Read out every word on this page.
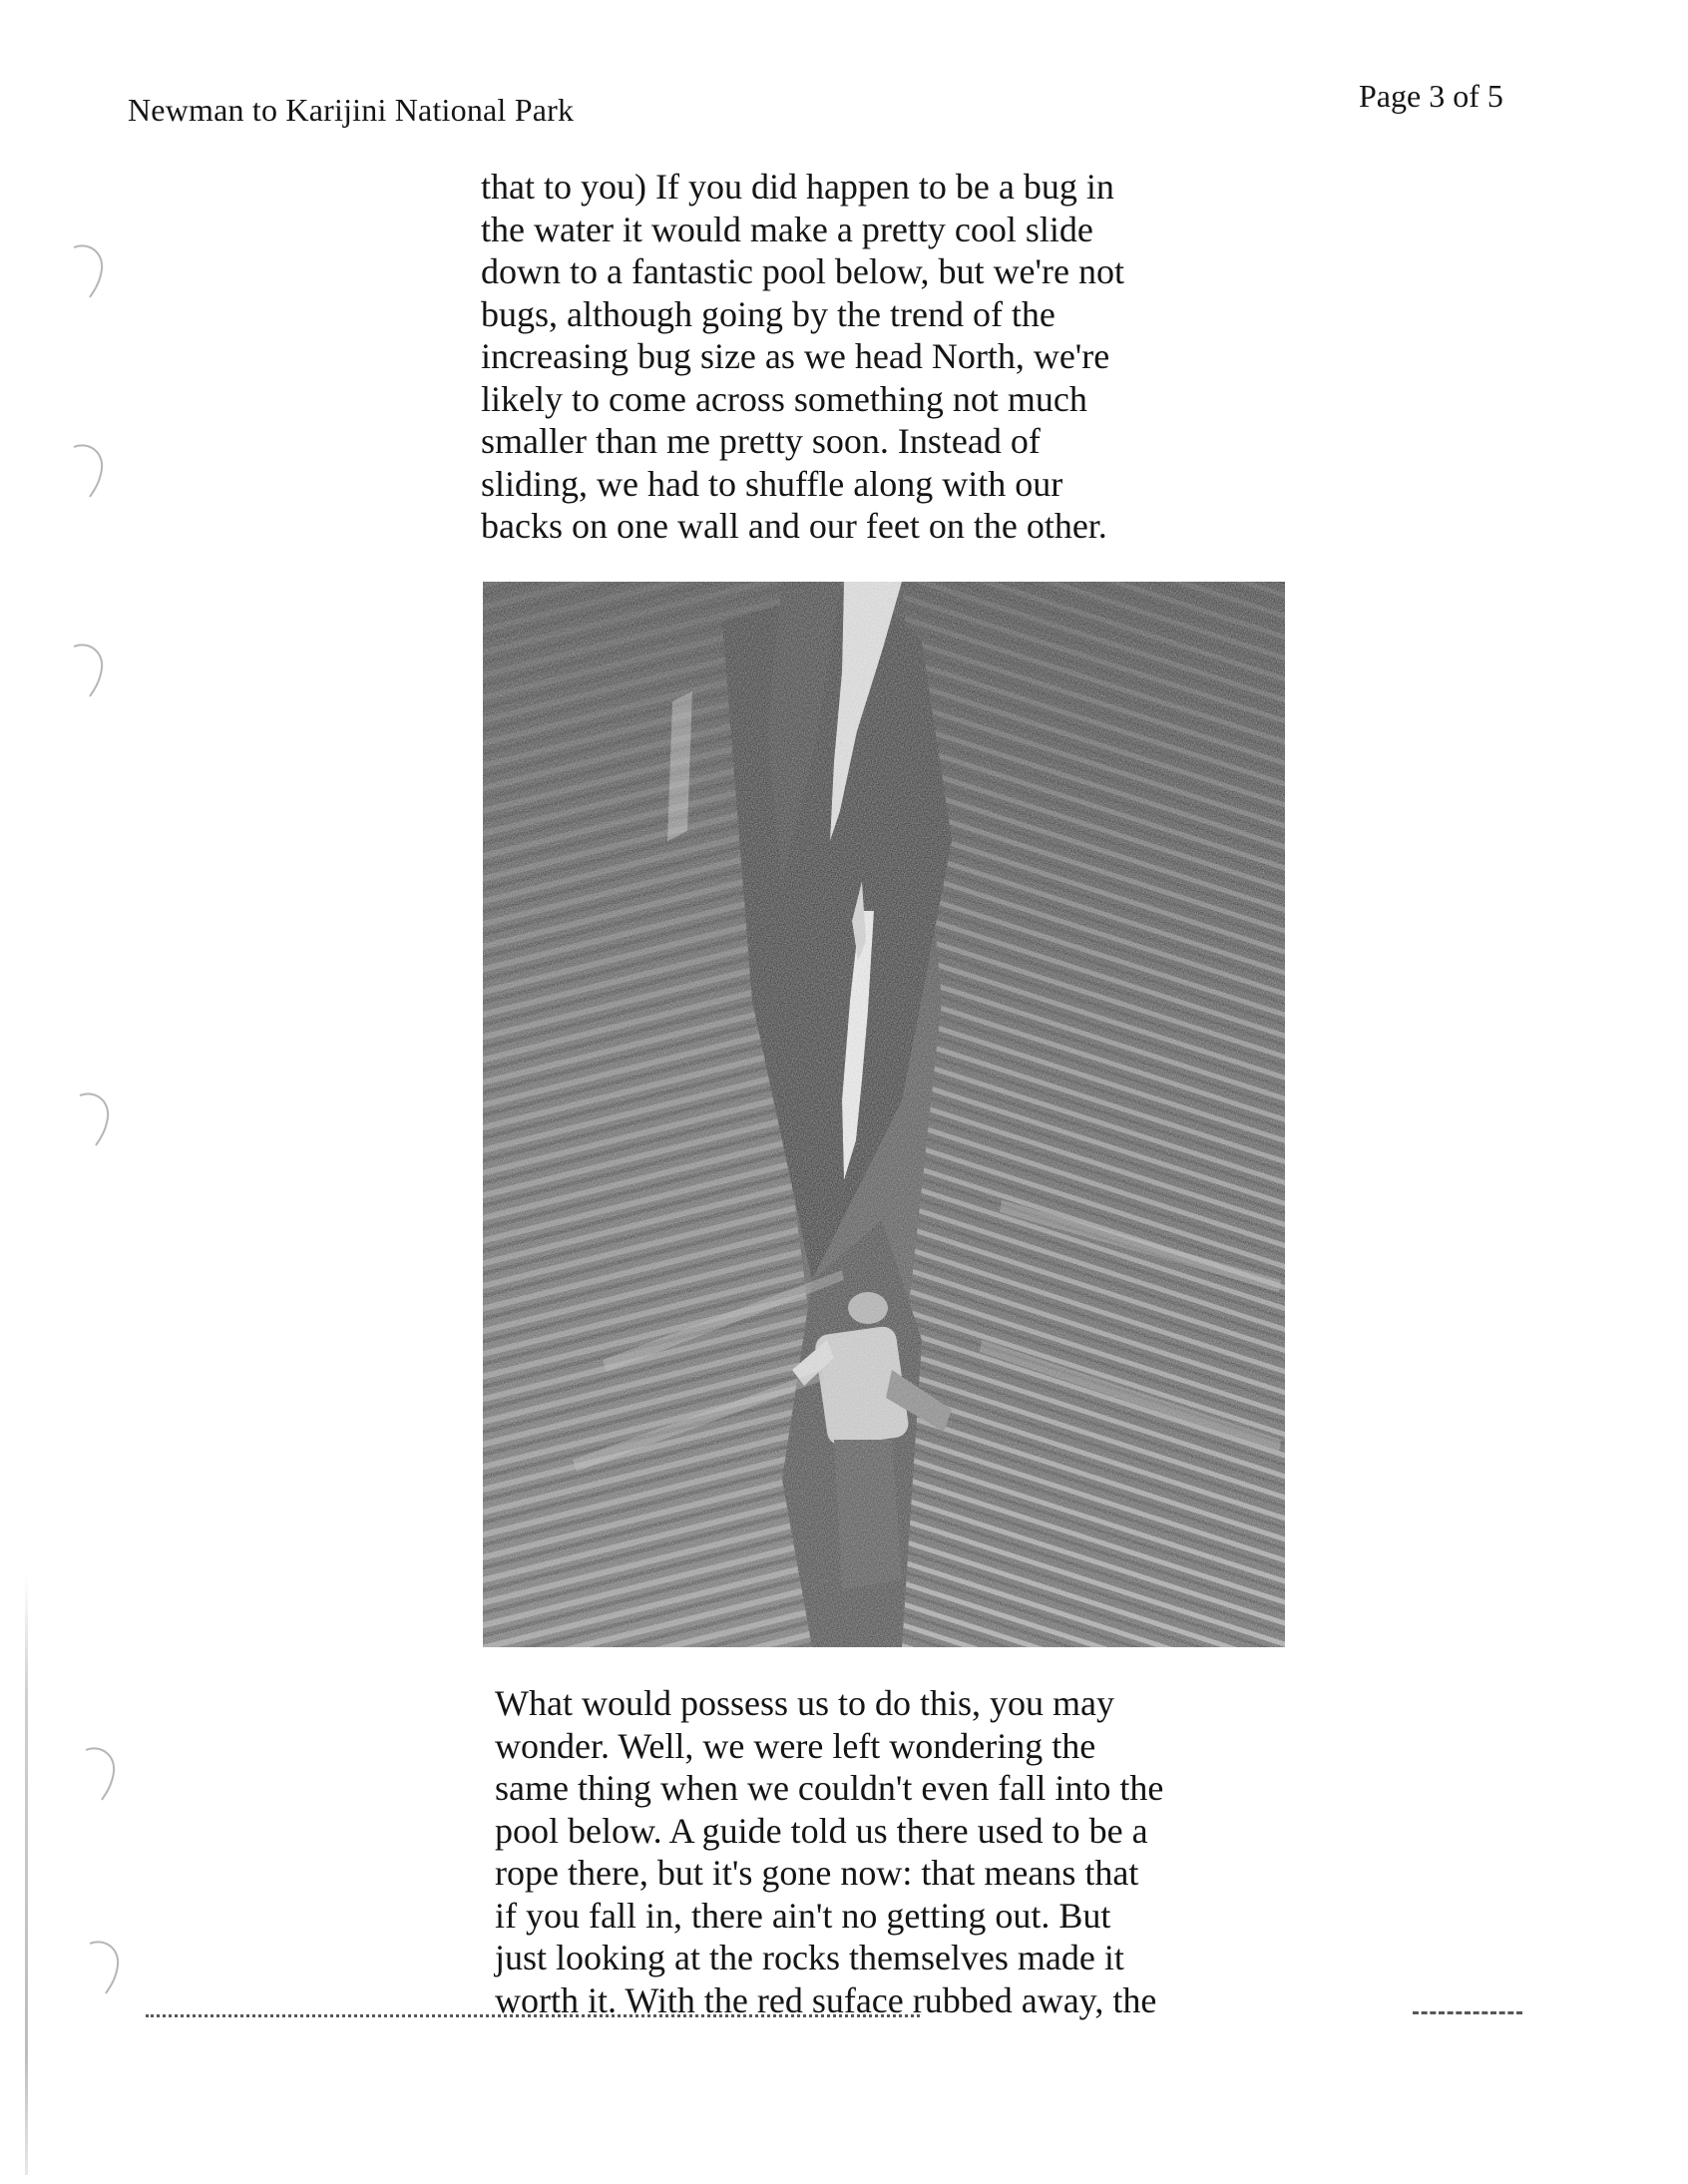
Newman to Karijini National Park	Page 3 of 5

that to you) If you did happen to be a bug in
the water it would make a pretty cool slide
down to a fantastic pool below, but we're not
bugs, although going by the trend of the
increasing bug size as we head North, we're
likely to come across something not much
smaller than me pretty soon. Instead of
sliding, we had to shuffle along with our
backs on one wall and our feet on the other.

What would possess us to do this, you may
wonder. Well, we were left wondering the
same thing when we couldn't even fall into the
pool below. A guide told us there used to be a
rope there, but it's gone now: that means that
if you fall in, there ain't no getting out. But
just looking at the rocks themselves made it
worth it. With the red suface rubbed away, the
